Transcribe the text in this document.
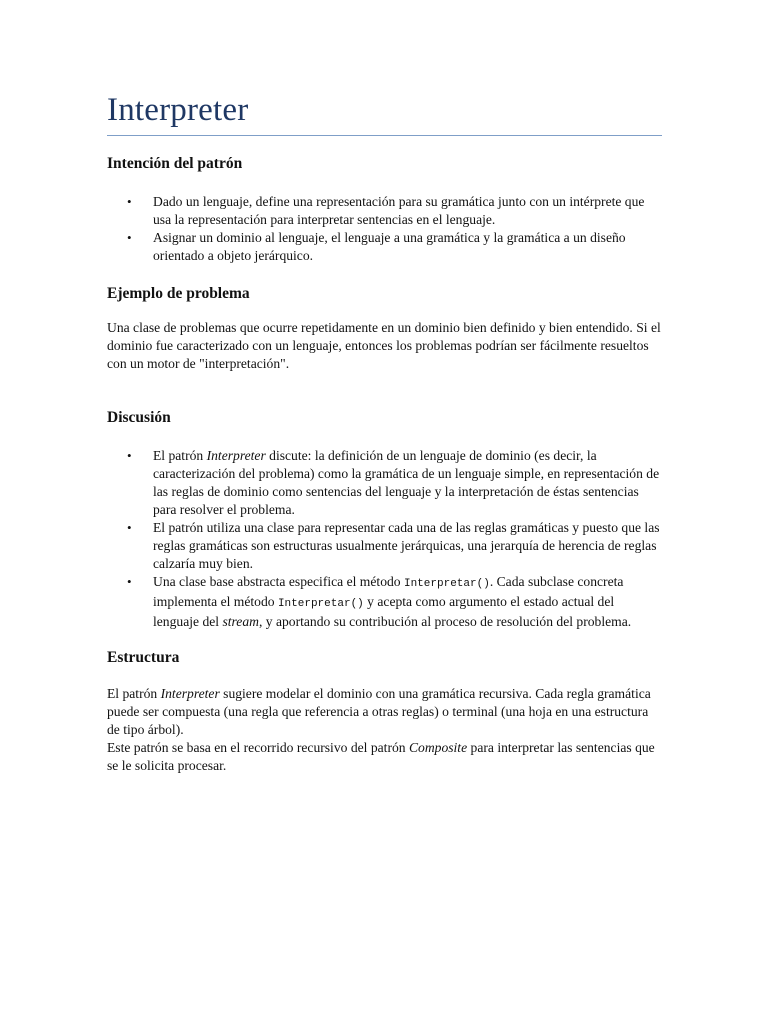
Interpreter
Intención del patrón
• Dado un lenguaje, define una representación para su gramática junto con un intérprete que usa la representación para interpretar sentencias en el lenguaje.
• Asignar un dominio al lenguaje, el lenguaje a una gramática y la gramática a un diseño orientado a objeto jerárquico.
Ejemplo de problema

Una clase de problemas que ocurre repetidamente en un dominio bien definido y bien entendido. Si el dominio fue caracterizado con un lenguaje, entonces los problemas podrían ser fácilmente resueltos con un motor de "interpretación".

Discusión
• El patrón Interpreter discute: la definición de un lenguaje de dominio (es decir, la caracterización del problema) como la gramática de un lenguaje simple, en representación de las reglas de dominio como sentencias del lenguaje y la interpretación de éstas sentencias para resolver el problema.
• El patrón utiliza una clase para representar cada una de las reglas gramáticas y puesto que las reglas gramáticas son estructuras usualmente jerárquicas, una jerarquía de herencia de reglas calzaría muy bien.
• Una clase base abstracta especifica el método Interpretar(). Cada subclase concreta implementa el método Interpretar() y acepta como argumento el estado actual del lenguaje del stream, y aportando su contribución al proceso de resolución del problema.
Estructura

El patrón Interpreter sugiere modelar el dominio con una gramática recursiva. Cada regla gramática puede ser compuesta (una regla que referencia a otras reglas) o terminal (una hoja en una estructura de tipo árbol).
Este patrón se basa en el recorrido recursivo del patrón Composite para interpretar las sentencias que se le solicita procesar.
